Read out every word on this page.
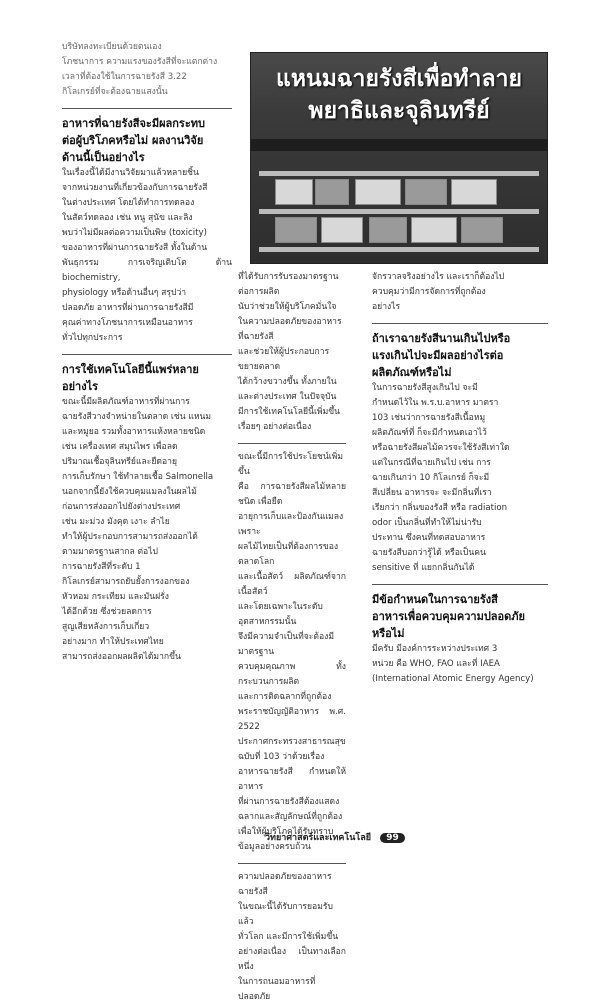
บริษัทลงทะเบียนด้วยตนเอง
โภชนาการ ความแรงของรังสีที่จะแตกต่าง
เวลาที่ต้องใช้ในการฉายรังสี 3.22
กิโลเกรย์ที่จะต้องฉายแสงนั้น

อาหารที่ฉายรังสีจะมีผลกระทบ
ต่อผู้บริโภคหรือไม่ ผลงานวิจัย
ด้านนี้เป็นอย่างไร

ในเรื่องนี้ได้มีงานวิจัยมาแล้วหลายชิ้น
จากหน่วยงานที่เกี่ยวข้องกับการฉายรังสี
ในต่างประเทศ โดยได้ทำการทดลอง
ในสัตว์ทดลอง เช่น หนู สุนัข และลิง
พบว่าไม่มีผลต่อความเป็นพิษ (toxicity)
ของอาหารที่ผ่านการฉายรังสี ทั้งในด้าน
พันธุกรรม การเจริญเติบโต ด้าน biochemistry,
physiology หรือด้านอื่นๆ สรุปว่า
ปลอดภัย อาหารที่ผ่านการฉายรังสีมี
คุณค่าทางโภชนาการเหมือนอาหาร
ทั่วไปทุกประการ

การใช้เทคโนโลยีนี้แพร่หลาย
อย่างไร

ขณะนี้มีผลิตภัณฑ์อาหารที่ผ่านการ
ฉายรังสีวางจำหน่ายในตลาด เช่น แหนม
และหมูยอ รวมทั้งอาหารแห้งหลายชนิด
เช่น เครื่องเทศ สมุนไพร เพื่อลด
ปริมาณเชื้อจุลินทรีย์และยืดอายุ
การเก็บรักษา ใช้ทำลายเชื้อ Salmonella
นอกจากนี้ยังใช้ควบคุมแมลงในผลไม้
ก่อนการส่งออกไปยังต่างประเทศ
เช่น มะม่วง มังคุด เงาะ ลำไย
ทำให้ผู้ประกอบการสามารถส่งออกได้
ตามมาตรฐานสากล ต่อไป
การฉายรังสีที่ระดับ 1
กิโลเกรย์สามารถยับยั้งการงอกของ
หัวหอม กระเทียม และมันฝรั่ง
ได้อีกด้วย ซึ่งช่วยลดการ
สูญเสียหลังการเก็บเกี่ยว
อย่างมาก ทำให้ประเทศไทย
สามารถส่งออกผลผลิตได้มากขึ้น

แหนมฉายรังสีเพื่อทำลาย
พยาธิและจุลินทรีย์

ที่ได้รับการรับรองมาตรฐานต่อการผลิต
นับว่าช่วยให้ผู้บริโภคมั่นใจ
ในความปลอดภัยของอาหารที่ฉายรังสี
และช่วยให้ผู้ประกอบการขยายตลาด
ได้กว้างขวางขึ้น ทั้งภายใน
และต่างประเทศ ในปัจจุบัน
มีการใช้เทคโนโลยีนี้เพิ่มขึ้น
เรื่อยๆ อย่างต่อเนื่อง

ขณะนี้มีการใช้ประโยชน์เพิ่มขึ้น
คือ การฉายรังสีผลไม้หลายชนิด เพื่อยืด
อายุการเก็บและป้องกันแมลง เพราะ
ผลไม้ไทยเป็นที่ต้องการของตลาดโลก
และเนื้อสัตว์ ผลิตภัณฑ์จากเนื้อสัตว์
และโดยเฉพาะในระดับอุตสาหกรรมนั้น
จึงมีความจำเป็นที่จะต้องมีมาตรฐาน
ควบคุมคุณภาพ ทั้งกระบวนการผลิต
และการติดฉลากที่ถูกต้อง
พระราชบัญญัติอาหาร พ.ศ. 2522
ประกาศกระทรวงสาธารณสุข
ฉบับที่ 103 ว่าด้วยเรื่อง
อาหารฉายรังสี กำหนดให้อาหาร
ที่ผ่านการฉายรังสีต้องแสดง
ฉลากและสัญลักษณ์ที่ถูกต้อง
เพื่อให้ผู้บริโภคได้รับทราบ
ข้อมูลอย่างครบถ้วน

ความปลอดภัยของอาหารฉายรังสี
ในขณะนี้ได้รับการยอมรับแล้ว
ทั่วโลก และมีการใช้เพิ่มขึ้น
อย่างต่อเนื่อง เป็นทางเลือกหนึ่ง
ในการถนอมอาหารที่ปลอดภัย

จักรวาลจริงอย่างไร และเราก็ต้องไป
ควบคุมว่ามีการจัดการที่ถูกต้อง
อย่างไร

ถ้าเราฉายรังสีนานเกินไปหรือ
แรงเกินไปจะมีผลอย่างไรต่อ
ผลิตภัณฑ์หรือไม่

ในการฉายรังสีสูงเกินไป จะมี
กำหนดไว้ใน พ.ร.บ.อาหาร มาตรา
103 เช่นว่าการฉายรังสีเนื้อหมู
ผลิตภัณฑ์ที่ ก็จะมีกำหนดเอาไว้
หรือฉายรังสีผลไม้ควรจะใช้รังสีเท่าใด
แต่ในกรณีที่ฉายเกินไป เช่น การ
ฉายเกินกว่า 10 กิโลเกรย์ ก็จะมี
สีเปลี่ยน อาหารจะ จะมีกลิ่นที่เรา
เรียกว่า กลิ่นของรังสี หรือ radiation
odor เป็นกลิ่นที่ทำให้ไม่น่ารับ
ประทาน ซึ่งคนที่ทดสอบอาหาร
ฉายรังสีบอกว่ารู้ได้ หรือเป็นคน
sensitive ที่ แยกกลิ่นกันได้

มีข้อกำหนดในการฉายรังสี
อาหารเพื่อควบคุมความปลอดภัย
หรือไม่

มีครับ มีองค์การระหว่างประเทศ 3
หน่วย คือ WHO, FAO และที่ IAEA
(International Atomic Energy Agency)

วิทยาศาสตร์และเทคโนโลยี 99
